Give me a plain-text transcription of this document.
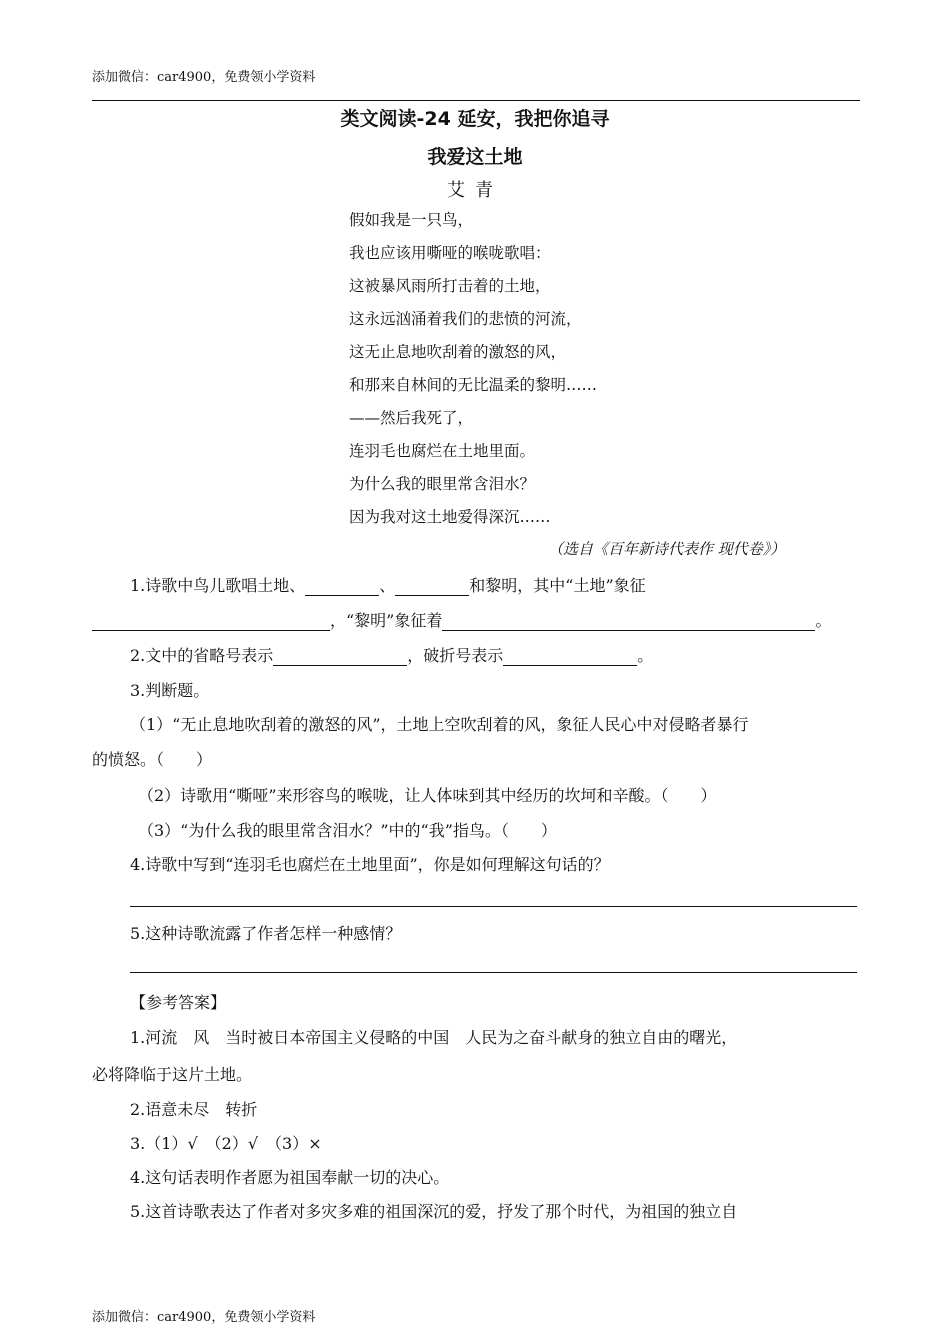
添加微信：car4900，免费领小学资料
类文阅读-24 延安，我把你追寻
我爱这土地
艾青
假如我是一只鸟，
我也应该用嘶哑的喉咙歌唱：
这被暴风雨所打击着的土地，
这永远汹涌着我们的悲愤的河流，
这无止息地吹刮着的激怒的风，
和那来自林间的无比温柔的黎明……
——然后我死了，
连羽毛也腐烂在土地里面。
为什么我的眼里常含泪水？
因为我对这土地爱得深沉……
（选自《百年新诗代表作 现代卷》）
1.诗歌中鸟儿歌唱土地、	、	和黎明，其中“土地”象征
，“黎明”象征着	。
2.文中的省略号表示	，破折号表示	。
3.判断题。
（1）“无止息地吹刮着的激怒的风”，土地上空吹刮着的风，象征人民心中对侵略者暴行
的愤怒。（　　）
（2）诗歌用“嘶哑”来形容鸟的喉咙，让人体味到其中经历的坎坷和辛酸。（　　）
（3）“为什么我的眼里常含泪水？”中的“我”指鸟。（　　）
4.诗歌中写到“连羽毛也腐烂在土地里面”，你是如何理解这句话的？
5.这种诗歌流露了作者怎样一种感情？
【参考答案】
1.河流　风　当时被日本帝国主义侵略的中国　人民为之奋斗献身的独立自由的曙光，
必将降临于这片土地。
2.语意未尽　转折
3.（1）√　（2）√　（3）×
4.这句话表明作者愿为祖国奉献一切的决心。
5.这首诗歌表达了作者对多灾多难的祖国深沉的爱，抒发了那个时代，为祖国的独立自
添加微信：car4900，免费领小学资料
